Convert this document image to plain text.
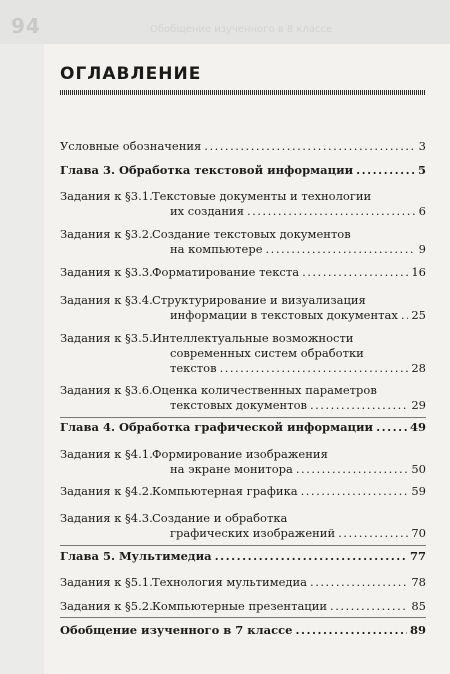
94	Обобщение изученного в 8 классе
ОГЛАВЛЕНИЕ
Условные обозначения .....	3
Глава 3. Обработка текстовой информации .....	5
Задания к §3.1. Текстовые документы и технологии
их создания .....	6
Задания к §3.2. Создание текстовых документов
на компьютере .....	9
Задания к §3.3. Форматирование текста .....	16
Задания к §3.4. Структурирование и визуализация
информации в текстовых документах ..... 25
Задания к §3.5. Интеллектуальные возможности
современных систем обработки
текстов .....	28
Задания к §3.6. Оценка количественных параметров
текстовых документов .....	29
Глава 4. Обработка графической информации .....	49
Задания к §4.1. Формирование изображения
на экране монитора .....	50
Задания к §4.2. Компьютерная графика .....	59
Задания к §4.3. Создание и обработка
графических изображений .....	70
Глава 5. Мультимедиа .....	77
Задания к §5.1. Технология мультимедиа .....	78
Задания к §5.2. Компьютерные презентации .....	85
Обобщение изученного в 7 классе .....	89
